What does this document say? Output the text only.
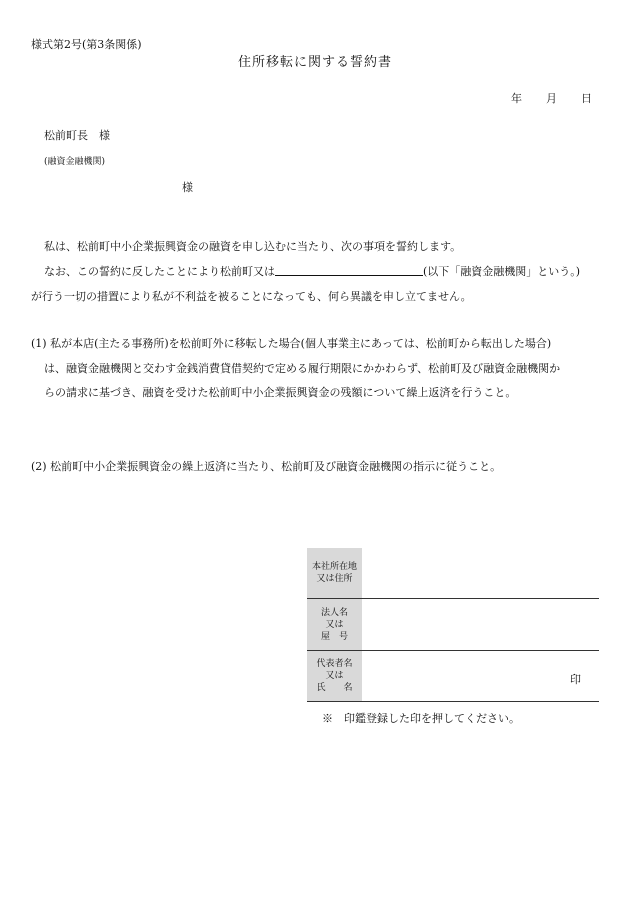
様式第2号(第3条関係)
住所移転に関する誓約書
年 月 日
松前町長　様
(融資金融機関)
様
私は、松前町中小企業振興資金の融資を申し込むに当たり、次の事項を誓約します。
なお、この誓約に反したことにより松前町又は	(以下「融資金融機関」という。)
が行う一切の措置により私が不利益を被ることになっても、何ら異議を申し立てません。
(1) 私が本店(主たる事務所)を松前町外に移転した場合(個人事業主にあっては、松前町から転出した場合)
は、融資金融機関と交わす金銭消費貸借契約で定める履行期限にかかわらず、松前町及び融資金融機関か
らの請求に基づき、融資を受けた松前町中小企業振興資金の残額について繰上返済を行うこと。
(2) 松前町中小企業振興資金の繰上返済に当たり、松前町及び融資金融機関の指示に従うこと。
本社所在地
又は住所	

法人名
又は
屋　号	

代表者名
又は
氏　　名	印
※　印鑑登録した印を押してください。
